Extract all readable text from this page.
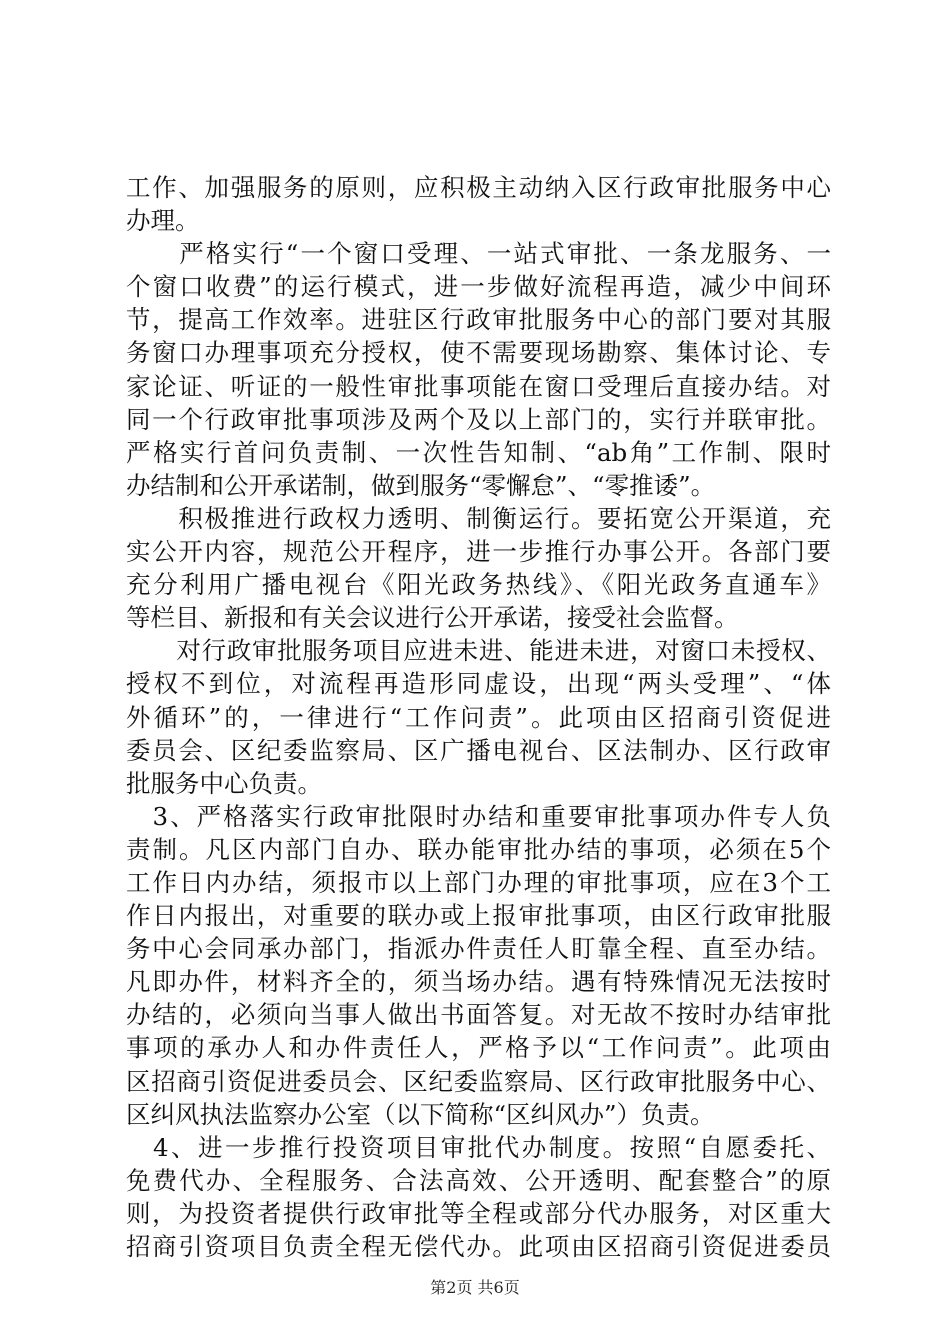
工作、加强服务的原则，应积极主动纳入区行政审批服务中心
办理。
　　严格实行“一个窗口受理、一站式审批、一条龙服务、一
个窗口收费”的运行模式，进一步做好流程再造，减少中间环
节，提高工作效率。进驻区行政审批服务中心的部门要对其服
务窗口办理事项充分授权，使不需要现场勘察、集体讨论、专
家论证、听证的一般性审批事项能在窗口受理后直接办结。对
同一个行政审批事项涉及两个及以上部门的，实行并联审批。
严格实行首问负责制、一次性告知制、“ab角”工作制、限时
办结制和公开承诺制，做到服务“零懈怠”、“零推诿”。
　　积极推进行政权力透明、制衡运行。要拓宽公开渠道，充
实公开内容，规范公开程序，进一步推行办事公开。各部门要
充分利用广播电视台《阳光政务热线》、《阳光政务直通车》
等栏目、新报和有关会议进行公开承诺，接受社会监督。
　　对行政审批服务项目应进未进、能进未进，对窗口未授权、
授权不到位，对流程再造形同虚设，出现“两头受理”、“体
外循环”的，一律进行“工作问责”。此项由区招商引资促进
委员会、区纪委监察局、区广播电视台、区法制办、区行政审
批服务中心负责。
　3、严格落实行政审批限时办结和重要审批事项办件专人负
责制。凡区内部门自办、联办能审批办结的事项，必须在5个
工作日内办结，须报市以上部门办理的审批事项，应在3个工
作日内报出，对重要的联办或上报审批事项，由区行政审批服
务中心会同承办部门，指派办件责任人盯靠全程、直至办结。
凡即办件，材料齐全的，须当场办结。遇有特殊情况无法按时
办结的，必须向当事人做出书面答复。对无故不按时办结审批
事项的承办人和办件责任人，严格予以“工作问责”。此项由
区招商引资促进委员会、区纪委监察局、区行政审批服务中心、
区纠风执法监察办公室（以下简称“区纠风办”）负责。
　4、进一步推行投资项目审批代办制度。按照“自愿委托、
免费代办、全程服务、合法高效、公开透明、配套整合”的原
则，为投资者提供行政审批等全程或部分代办服务，对区重大
招商引资项目负责全程无偿代办。此项由区招商引资促进委员
第2页 共6页
